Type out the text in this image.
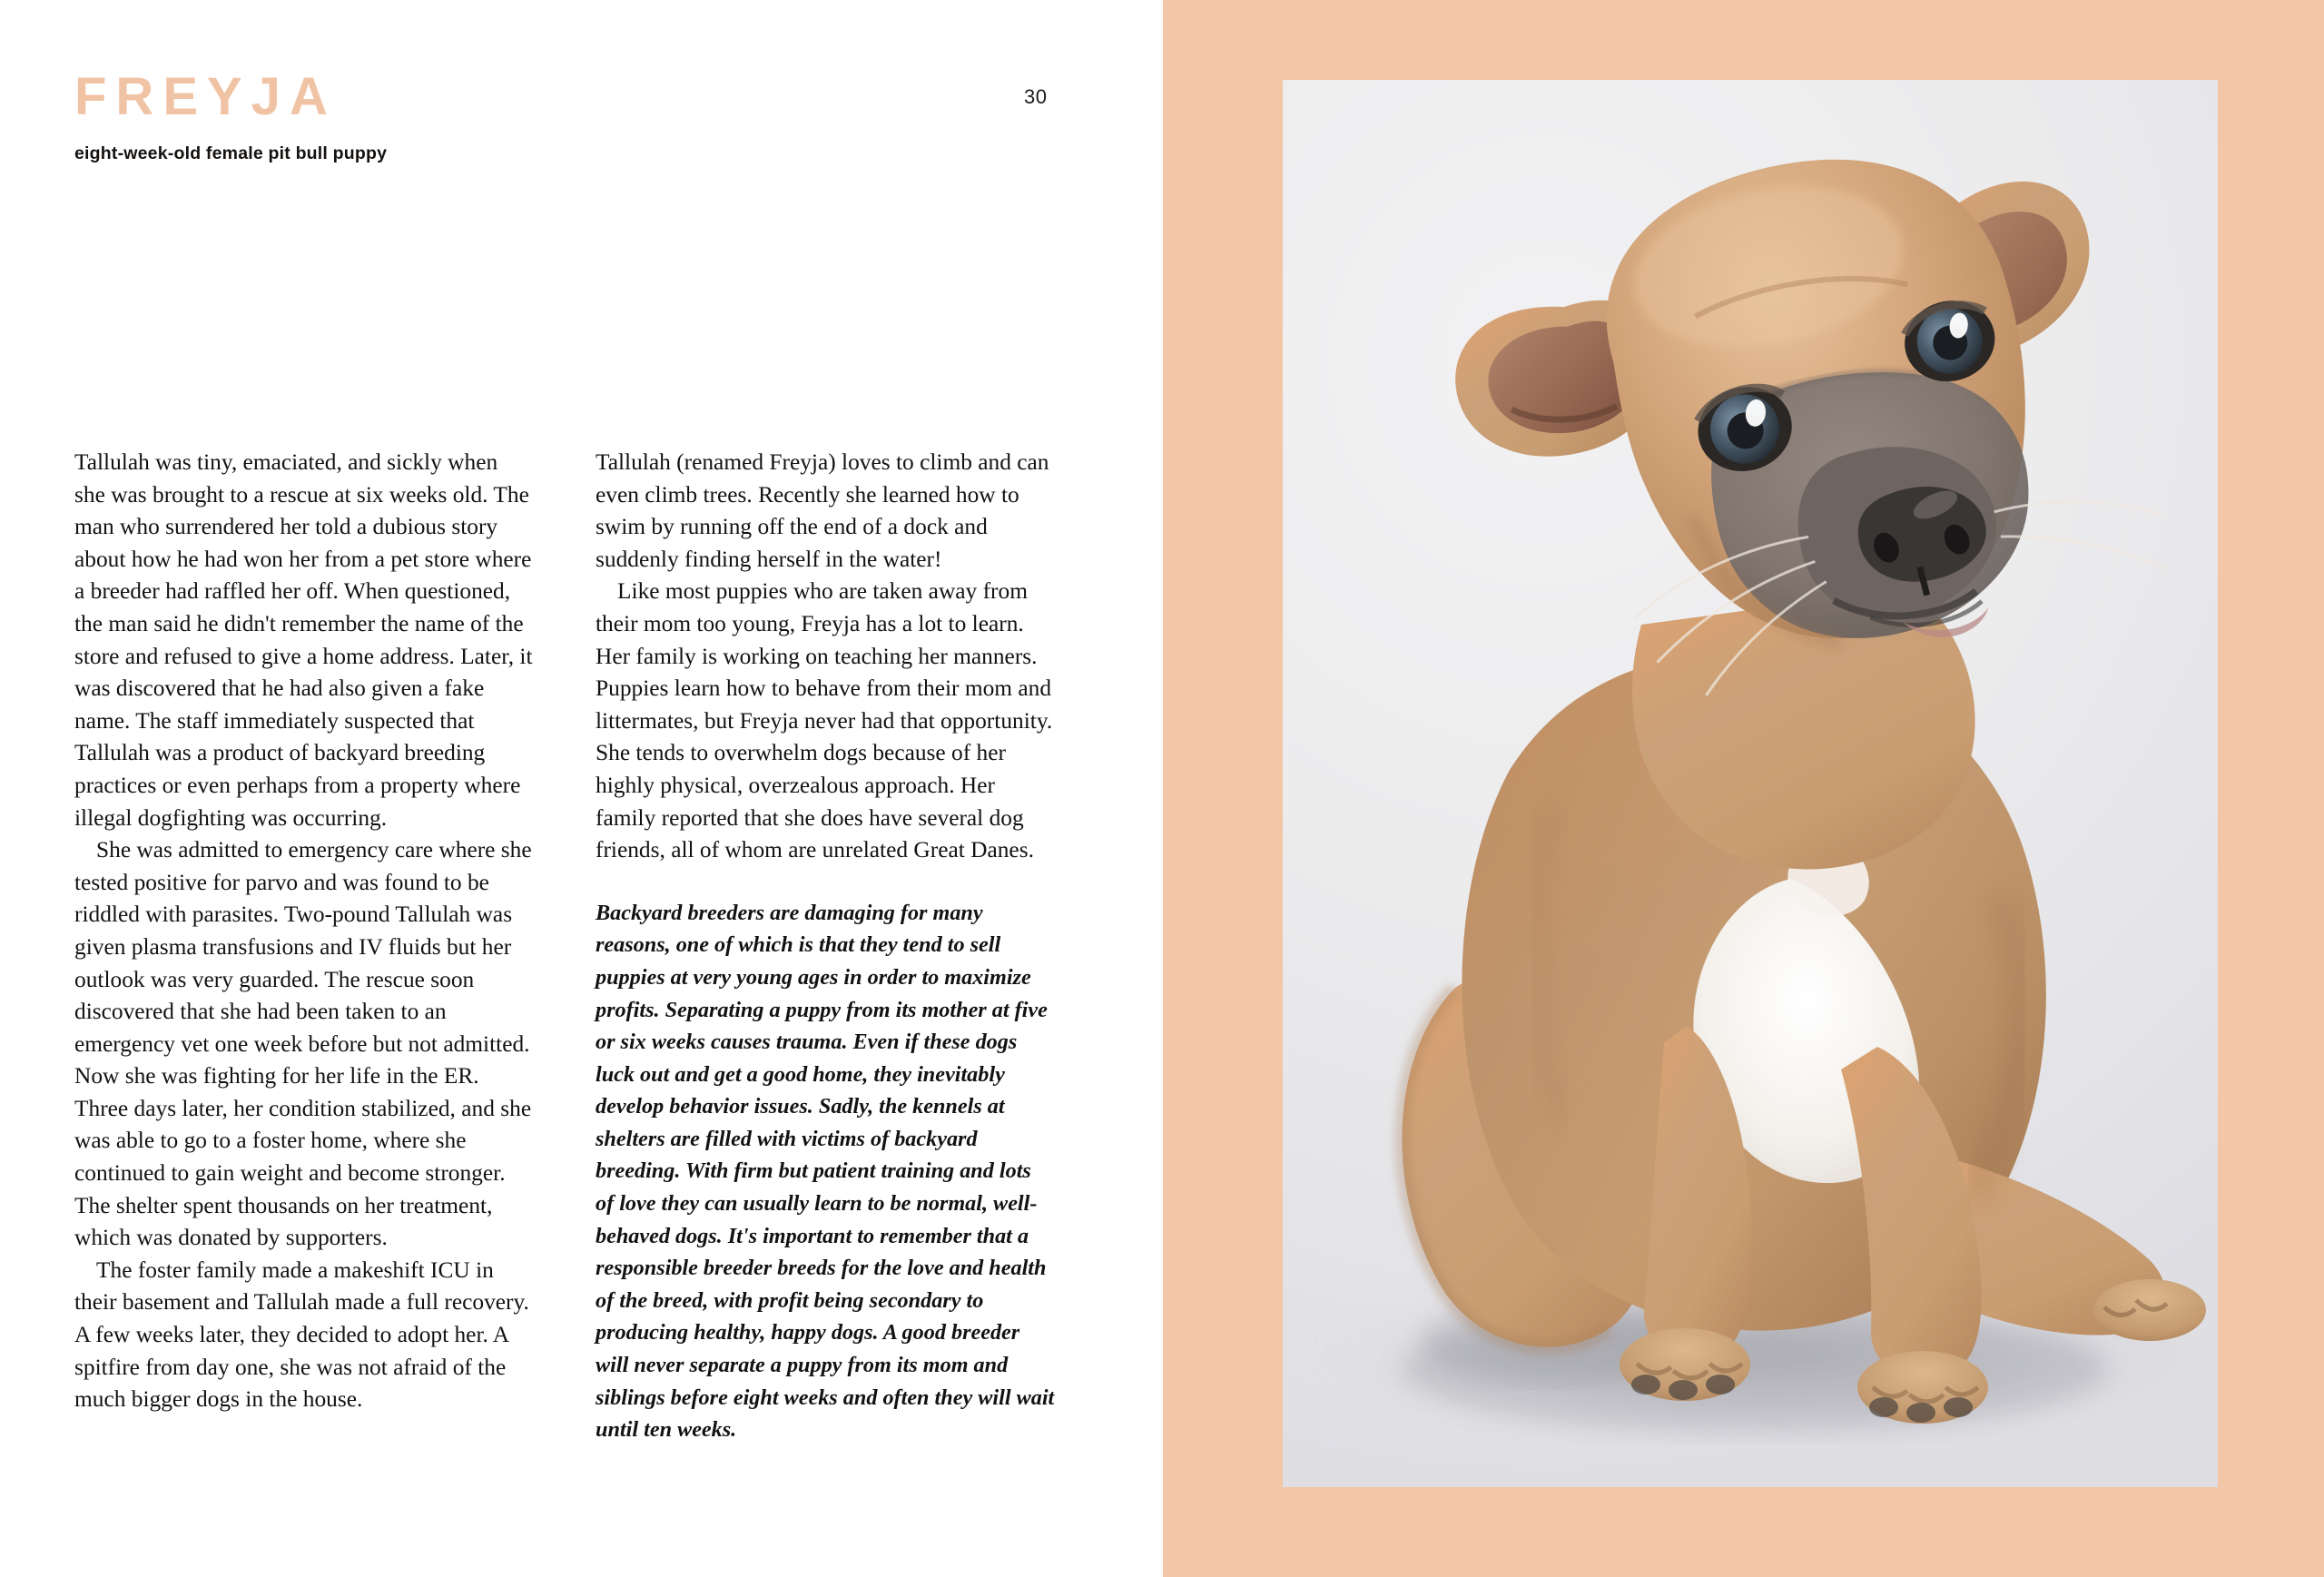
FREYJA
eight-week-old female pit bull puppy
30

Tallulah was tiny, emaciated, and sickly when she was brought to a rescue at six weeks old. The man who surrendered her told a dubious story about how he had won her from a pet store where a breeder had raffled her off. When questioned, the man said he didn't remember the name of the store and refused to give a home address. Later, it was discovered that he had also given a fake name. The staff immediately suspected that Tallulah was a product of backyard breeding practices or even perhaps from a property where illegal dogfighting was occurring.

She was admitted to emergency care where she tested positive for parvo and was found to be riddled with parasites. Two-pound Tallulah was given plasma transfusions and IV fluids but her outlook was very guarded. The rescue soon discovered that she had been taken to an emergency vet one week before but not admitted. Now she was fighting for her life in the ER. Three days later, her condition stabilized, and she was able to go to a foster home, where she continued to gain weight and become stronger. The shelter spent thousands on her treatment, which was donated by supporters.

The foster family made a makeshift ICU in their basement and Tallulah made a full recovery. A few weeks later, they decided to adopt her. A spitfire from day one, she was not afraid of the much bigger dogs in the house.

Tallulah (renamed Freyja) loves to climb and can even climb trees. Recently she learned how to swim by running off the end of a dock and suddenly finding herself in the water!

Like most puppies who are taken away from their mom too young, Freyja has a lot to learn. Her family is working on teaching her manners. Puppies learn how to behave from their mom and littermates, but Freyja never had that opportunity. She tends to overwhelm dogs because of her highly physical, overzealous approach. Her family reported that she does have several dog friends, all of whom are unrelated Great Danes.

Backyard breeders are damaging for many reasons, one of which is that they tend to sell puppies at very young ages in order to maximize profits. Separating a puppy from its mother at five or six weeks causes trauma. Even if these dogs luck out and get a good home, they inevitably develop behavior issues. Sadly, the kennels at shelters are filled with victims of backyard breeding. With firm but patient training and lots of love they can usually learn to be normal, well-behaved dogs. It's important to remember that a responsible breeder breeds for the love and health of the breed, with profit being secondary to producing healthy, happy dogs. A good breeder will never separate a puppy from its mom and siblings before eight weeks and often they will wait until ten weeks.
